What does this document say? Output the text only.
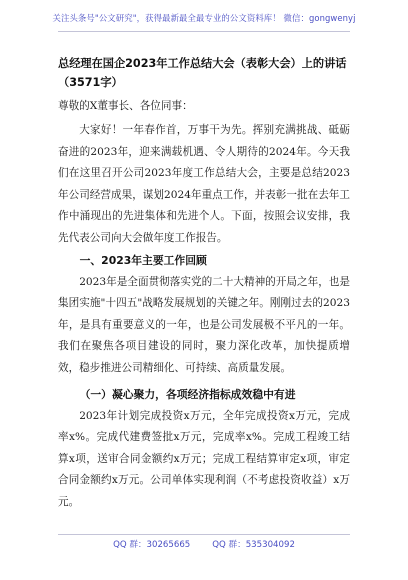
关注头条号"公文研究"，获得最新最全最专业的公文资料库！ 微信：gongwenyj

总经理在国企2023年工作总结大会（表彰大会）上的讲话

（3571字）

尊敬的X董事长、各位同事：

大家好！一年春作首，万事干为先。挥别充满挑战、砥砺奋进的2023年，迎来满载机遇、令人期待的2024年。今天我们在这里召开公司2023年度工作总结大会，主要是总结2023年公司经营成果，谋划2024年重点工作，并表彰一批在去年工作中涌现出的先进集体和先进个人。下面，按照会议安排，我先代表公司向大会做年度工作报告。

一、2023年主要工作回顾

2023年是全面贯彻落实党的二十大精神的开局之年，也是集团实施"十四五"战略发展规划的关键之年。刚刚过去的2023年，是具有重要意义的一年，也是公司发展极不平凡的一年。我们在聚焦各项目建设的同时，聚力深化改革，加快提质增效，稳步推进公司精细化、可持续、高质量发展。

（一）凝心聚力，各项经济指标成效稳中有进

2023年计划完成投资x万元，全年完成投资x万元，完成率x%。完成代建费签批x万元，完成率x%。完成工程竣工结算x项，送审合同金额约x万元；完成工程结算审定x项，审定合同金额约x万元。公司单体实现利润（不考虑投资收益）x万元。

QQ 群：30265665	QQ 群：535304092
